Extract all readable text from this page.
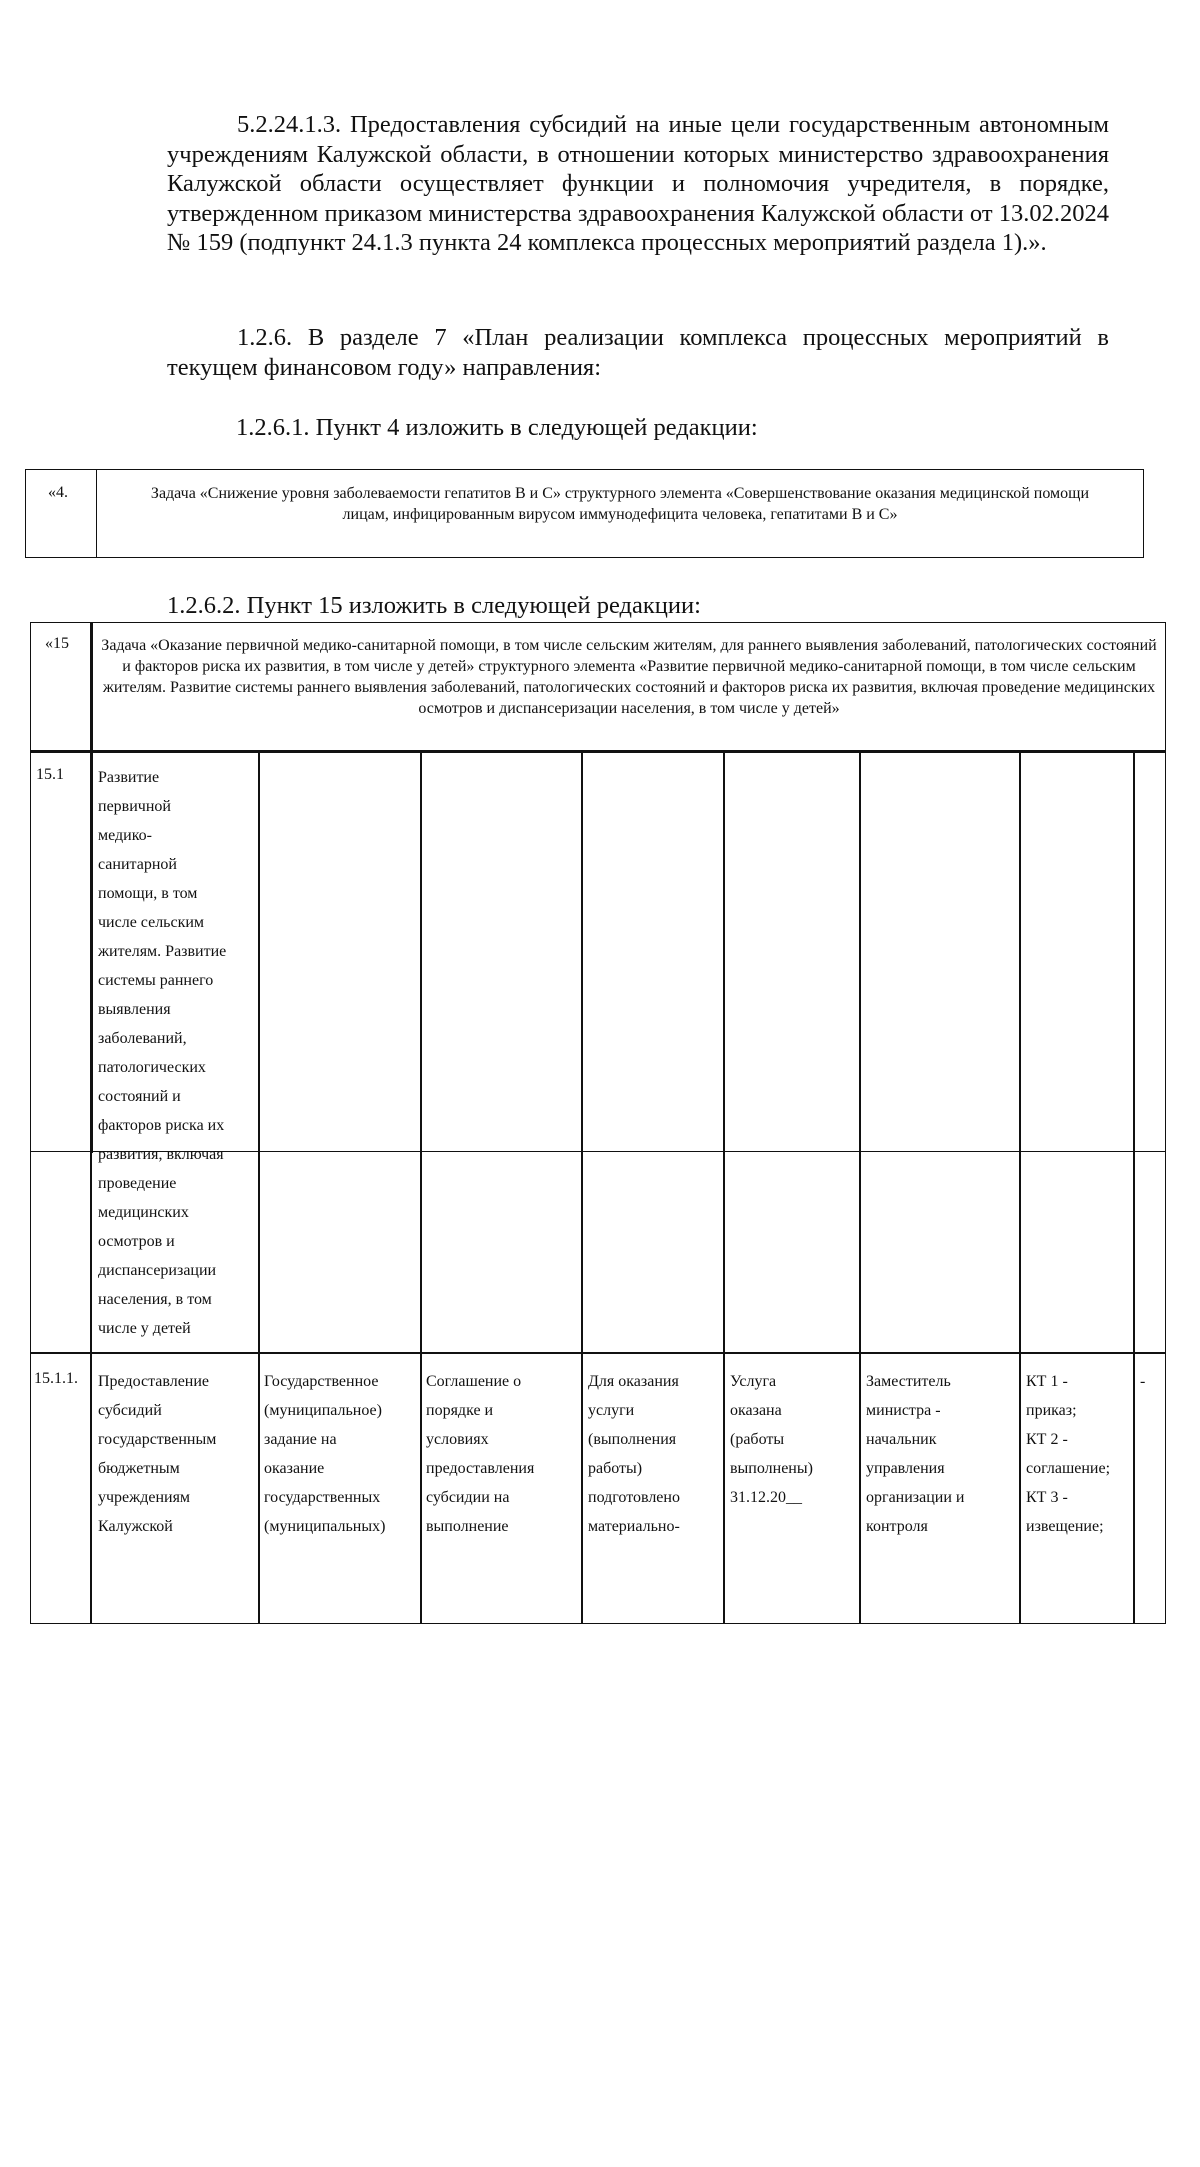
5.2.24.1.3. Предоставления субсидий на иные цели государственным автономным учреждениям Калужской области, в отношении которых министерство здравоохранения Калужской области осуществляет функции и полномочия учредителя, в порядке, утвержденном приказом министерства здравоохранения Калужской области от 13.02.2024 № 159 (подпункт 24.1.3 пункта 24 комплекса процессных мероприятий раздела 1).».

1.2.6. В разделе 7 «План реализации комплекса процессных мероприятий в текущем финансовом году» направления:

1.2.6.1. Пункт 4 изложить в следующей редакции:

«4.	Задача «Снижение уровня заболеваемости гепатитов В и С» структурного элемента «Совершенствование оказания медицинской помощи лицам, инфицированным вирусом иммунодефицита человека, гепатитами В и С»

1.2.6.2. Пункт 15 изложить в следующей редакции:

«15	Задача «Оказание первичной медико-санитарной помощи, в том числе сельским жителям, для раннего выявления заболеваний, патологических состояний и факторов риска их развития, в том числе у детей» структурного элемента «Развитие первичной медико-санитарной помощи, в том числе сельским жителям. Развитие системы раннего выявления заболеваний, патологических состояний и факторов риска их развития, включая проведение медицинских осмотров и диспансеризации населения, в том числе у детей»
15.1 Развитие
первичной
медико-
санитарной
помощи, в том
числе сельским
жителям. Развитие
системы раннего
выявления
заболеваний,
патологических
состояний и
факторов риска их
развития, включая
проведение
медицинских
осмотров и
диспансеризации
населения, в том
числе у детей
15.1.1. Предоставление
субсидий
государственным
бюджетным
учреждениям
Калужской
Государственное
(муниципальное)
задание на
оказание
государственных
(муниципальных)
Соглашение о
порядке и
условиях
предоставления
субсидии на
выполнение
Для оказания
услуги
(выполнения
работы)
подготовлено
материально-
Услуга
оказана
(работы
выполнены)
31.12.20__
Заместитель
министра -
начальник
управления
организации и
контроля
КТ 1 -
приказ;
КТ 2 -
соглашение;
КТ 3 -
извещение;
-
